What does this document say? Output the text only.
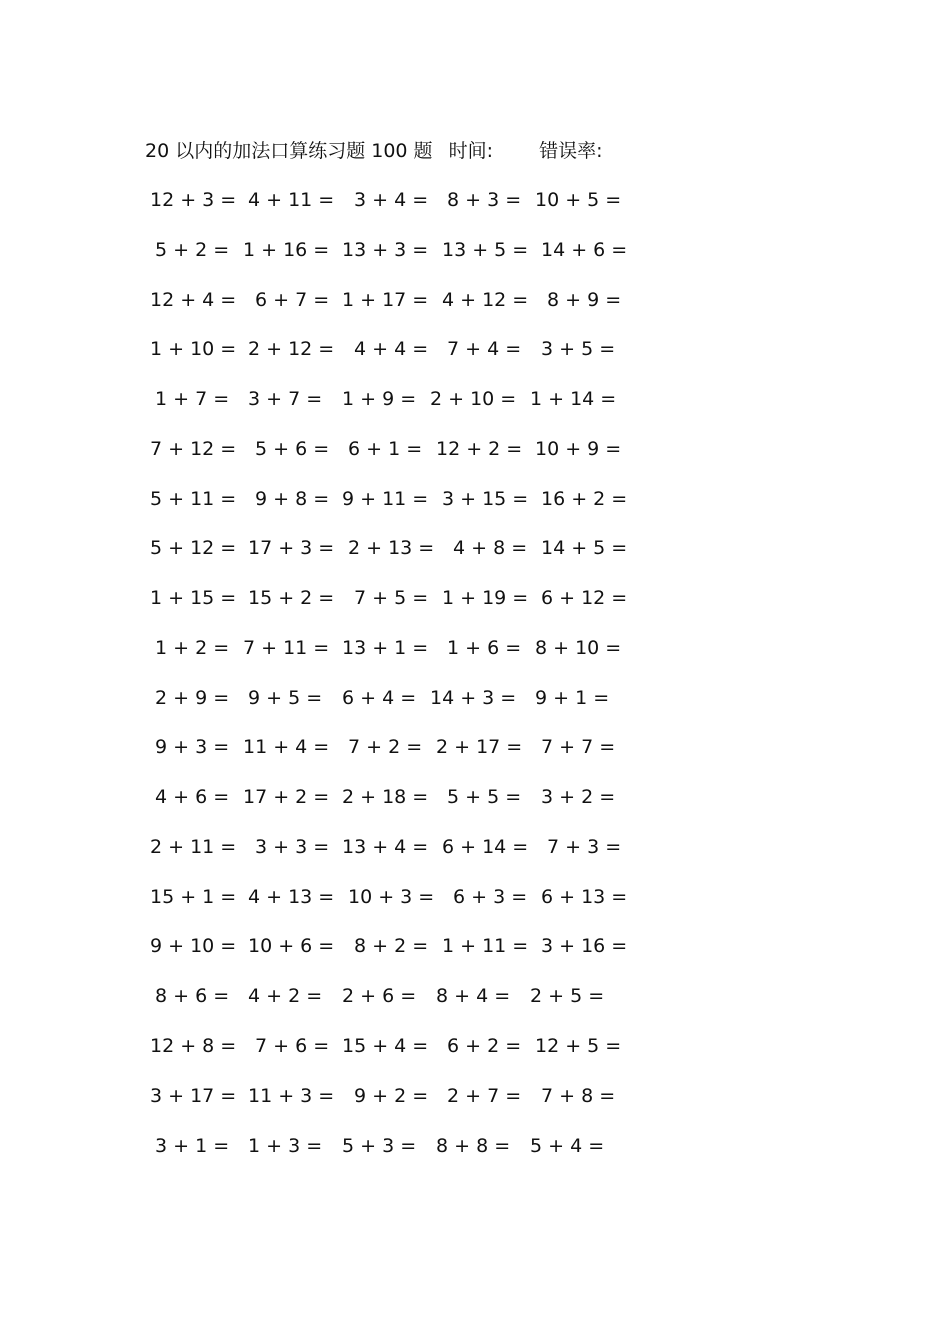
20 以内的加法口算练习题 100 题 时间: 错误率:
12 + 3 = 4 + 11 = 3 + 4 = 8 + 3 = 10 + 5 =
5 + 2 = 1 + 16 = 13 + 3 = 13 + 5 = 14 + 6 =
12 + 4 = 6 + 7 = 1 + 17 = 4 + 12 = 8 + 9 =
1 + 10 = 2 + 12 = 4 + 4 = 7 + 4 = 3 + 5 =
1 + 7 = 3 + 7 = 1 + 9 = 2 + 10 = 1 + 14 =
7 + 12 = 5 + 6 = 6 + 1 = 12 + 2 = 10 + 9 =
5 + 11 = 9 + 8 = 9 + 11 = 3 + 15 = 16 + 2 =
5 + 12 = 17 + 3 = 2 + 13 = 4 + 8 = 14 + 5 =
1 + 15 = 15 + 2 = 7 + 5 = 1 + 19 = 6 + 12 =
1 + 2 = 7 + 11 = 13 + 1 = 1 + 6 = 8 + 10 =
2 + 9 = 9 + 5 = 6 + 4 = 14 + 3 = 9 + 1 =
9 + 3 = 11 + 4 = 7 + 2 = 2 + 17 = 7 + 7 =
4 + 6 = 17 + 2 = 2 + 18 = 5 + 5 = 3 + 2 =
2 + 11 = 3 + 3 = 13 + 4 = 6 + 14 = 7 + 3 =
15 + 1 = 4 + 13 = 10 + 3 = 6 + 3 = 6 + 13 =
9 + 10 = 10 + 6 = 8 + 2 = 1 + 11 = 3 + 16 =
8 + 6 = 4 + 2 = 2 + 6 = 8 + 4 = 2 + 5 =
12 + 8 = 7 + 6 = 15 + 4 = 6 + 2 = 12 + 5 =
3 + 17 = 11 + 3 = 9 + 2 = 2 + 7 = 7 + 8 =
3 + 1 = 1 + 3 = 5 + 3 = 8 + 8 = 5 + 4 =
